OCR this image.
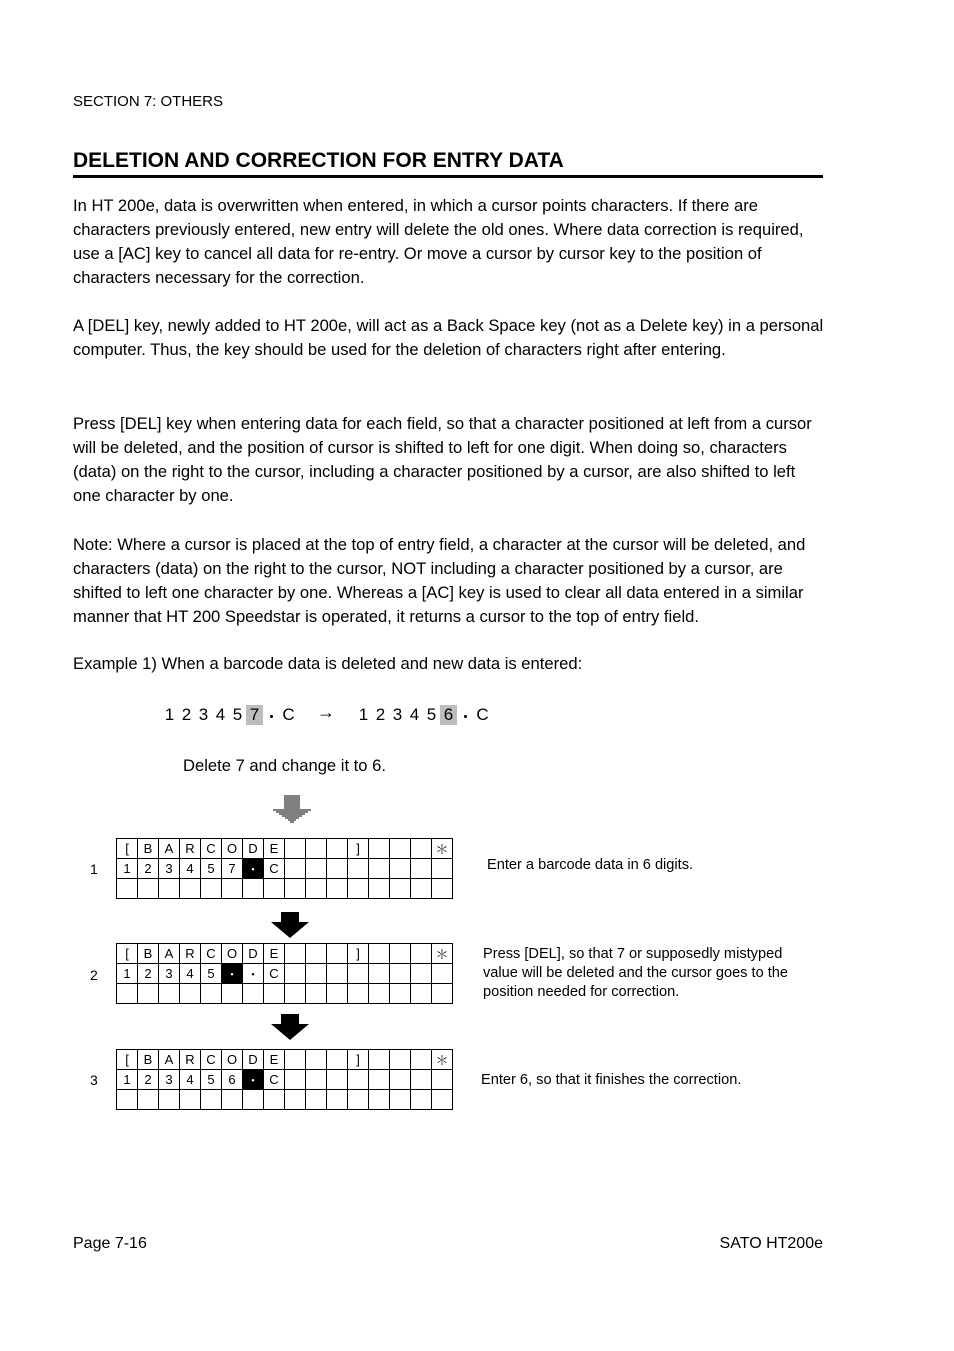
SECTION 7: OTHERS
DELETION AND CORRECTION FOR ENTRY DATA

In HT 200e, data is overwritten when entered, in which a cursor points characters. If there are characters previously entered, new entry will delete the old ones. Where data correction is required, use a [AC] key to cancel all data for re-entry. Or move a cursor by cursor key to the position of characters necessary for the correction.

A [DEL] key, newly added to HT 200e, will act as a Back Space key (not as a Delete key) in a personal computer. Thus, the key should be used for the deletion of characters right after entering.

Press [DEL] key when entering data for each field, so that a character positioned at left from a cursor will be deleted, and the position of cursor is shifted to left for one digit. When doing so, characters (data) on the right to the cursor, including a character positioned by a cursor, are also shifted to left one character by one.

Note: Where a cursor is placed at the top of entry field, a character at the cursor will be deleted, and characters (data) on the right to the cursor, NOT including a character positioned by a cursor, are shifted to left one character by one. Whereas a [AC] key is used to clear all data entered in a similar manner that HT 200 Speedstar is operated, it returns a cursor to the top of entry field.

Example 1) When a barcode data is deleted and new data is entered:
1 2 3 4 5 7 ・ C → 1 2 3 4 5 6 ・ C
Delete 7 and change it to 6.
1
[	B	A	R	C	O	D	E				]				＊
1	2	3	4	5	7	・	C								
																Enter a barcode data in 6 digits.
2
[	B	A	R	C	O	D	E				]				＊
1	2	3	4	5	・	・	C								

Press [DEL], so that 7 or supposedly mistyped value will be deleted and the cursor goes to the position needed for correction.
3
[	B	A	R	C	O	D	E				]				＊
1	2	3	4	5	6	・	C								
																Enter 6, so that it finishes the correction.
Page 7-16	SATO HT200e
